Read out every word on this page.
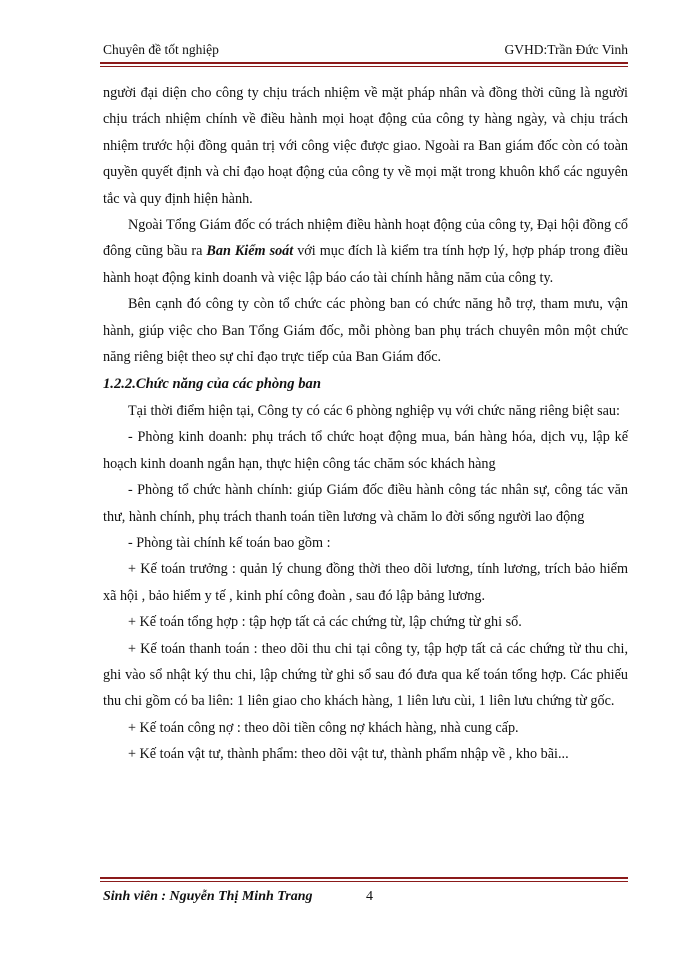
Chuyên đề tốt nghiệp	GVHD:Trần Đức Vinh

người đại diện cho công ty chịu trách nhiệm về mặt pháp nhân và đồng thời cũng là người chịu trách nhiệm chính về điều hành mọi hoạt động của công ty hàng ngày, và chịu trách nhiệm trước hội đồng quản trị với công việc được giao. Ngoài ra Ban giám đốc còn có toàn quyền quyết định và chỉ đạo hoạt động của công ty về mọi mặt trong khuôn khổ các nguyên tắc và quy định hiện hành.

Ngoài Tổng Giám đốc có trách nhiệm điều hành hoạt động của công ty, Đại hội đồng cổ đông cũng bầu ra Ban Kiểm soát với mục đích là kiểm tra tính hợp lý, hợp pháp trong điều hành hoạt động kinh doanh và việc lập báo cáo tài chính hằng năm của công ty.

Bên cạnh đó công ty còn tổ chức các phòng ban có chức năng hỗ trợ, tham mưu, vận hành, giúp việc cho Ban Tổng Giám đốc, mỗi phòng ban phụ trách chuyên môn một chức năng riêng biệt theo sự chỉ đạo trực tiếp của Ban Giám đốc.

1.2.2.Chức năng của các phòng ban

Tại thời điểm hiện tại, Công ty có các 6 phòng nghiệp vụ với chức năng riêng biệt sau:

- Phòng kinh doanh: phụ trách tổ chức hoạt động mua, bán hàng hóa, dịch vụ, lập kế hoạch kinh doanh ngắn hạn, thực hiện công tác chăm sóc khách hàng

- Phòng tổ chức hành chính: giúp Giám đốc điều hành công tác nhân sự, công tác văn thư, hành chính, phụ trách thanh toán tiền lương và chăm lo đời sống người lao động

- Phòng tài chính kế toán bao gồm :

+ Kế toán trưởng : quản lý chung đồng thời theo dõi lương, tính lương, trích bảo hiểm xã hội , bảo hiểm y tế , kinh phí công đoàn , sau đó lập bảng lương.

+ Kế toán tổng hợp : tập hợp tất cả các chứng từ, lập chứng từ ghi sổ.

+ Kế toán thanh toán : theo dõi thu chi tại công ty, tập hợp tất cả các chứng từ thu chi, ghi vào sổ nhật ký thu chi, lập chứng từ ghi sổ sau đó đưa qua kế toán tổng hợp. Các phiếu thu chi gồm có ba liên: 1 liên giao cho khách hàng, 1 liên lưu cùi, 1 liên lưu chứng từ gốc.

+ Kế toán công nợ : theo dõi tiền công nợ khách hàng, nhà cung cấp.

+ Kế toán vật tư, thành phẩm: theo dõi vật tư, thành phẩm nhập về , kho bãi...

Sinh viên : Nguyễn Thị Minh Trang	4
